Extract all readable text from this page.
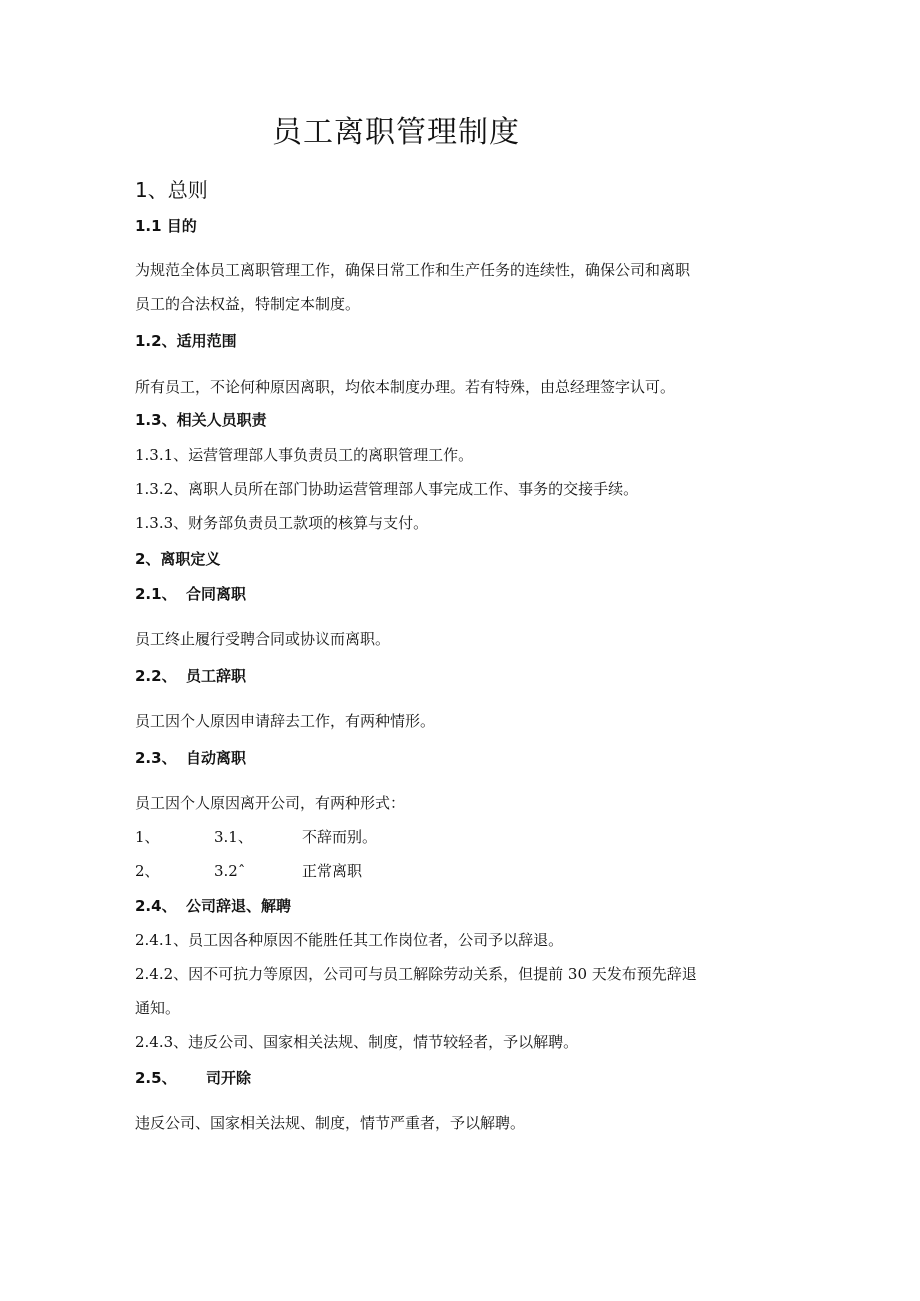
员工离职管理制度
1、总则
1.1 目的
为规范全体员工离职管理工作，确保日常工作和生产任务的连续性，确保公司和离职
员工的合法权益，特制定本制度。
1.2、适用范围
所有员工，不论何种原因离职，均依本制度办理。若有特殊，由总经理签字认可。
1.3、相关人员职责
1.3.1、运营管理部人事负责员工的离职管理工作。
1.3.2、离职人员所在部门协助运营管理部人事完成工作、事务的交接手续。
1.3.3、财务部负责员工款项的核算与支付。
2、离职定义
2.1、 合同离职
员工终止履行受聘合同或协议而离职。
2.2、 员工辞职
员工因个人原因申请辞去工作，有两种情形。
2.3、 自动离职
员工因个人原因离开公司，有两种形式：
1、	3.1、	不辞而别。
2、	3.2ˆ	正常离职
2.4、 公司辞退、解聘
2.4.1、员工因各种原因不能胜任其工作岗位者，公司予以辞退。
2.4.2、因不可抗力等原因，公司可与员工解除劳动关系，但提前 30 天发布预先辞退
通知。
2.4.3、违反公司、国家相关法规、制度，情节较轻者，予以解聘。
2.5、 司开除
违反公司、国家相关法规、制度，情节严重者，予以解聘。
